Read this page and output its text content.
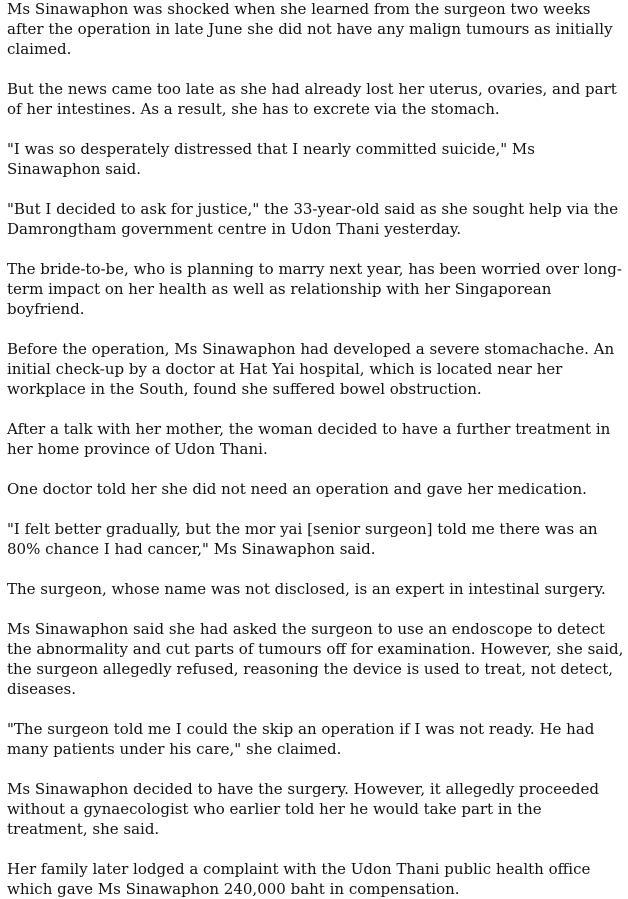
Ms Sinawaphon was shocked when she learned from the surgeon two weeks after the operation in late June she did not have any malign tumours as initially claimed.

But the news came too late as she had already lost her uterus, ovaries, and part of her intestines. As a result, she has to excrete via the stomach.

"I was so desperately distressed that I nearly committed suicide," Ms Sinawaphon said.

"But I decided to ask for justice," the 33-year-old said as she sought help via the Damrongtham government centre in Udon Thani yesterday.

The bride-to-be, who is planning to marry next year, has been worried over long-term impact on her health as well as relationship with her Singaporean boyfriend.

Before the operation, Ms Sinawaphon had developed a severe stomachache. An initial check-up by a doctor at Hat Yai hospital, which is located near her workplace in the South, found she suffered bowel obstruction.

After a talk with her mother, the woman decided to have a further treatment in her home province of Udon Thani.

One doctor told her she did not need an operation and gave her medication.

"I felt better gradually, but the mor yai [senior surgeon] told me there was an 80% chance I had cancer," Ms Sinawaphon said.

The surgeon, whose name was not disclosed, is an expert in intestinal surgery.

Ms Sinawaphon said she had asked the surgeon to use an endoscope to detect the abnormality and cut parts of tumours off for examination. However, she said, the surgeon allegedly refused, reasoning the device is used to treat, not detect, diseases.

"The surgeon told me I could the skip an operation if I was not ready. He had many patients under his care," she claimed.

Ms Sinawaphon decided to have the surgery. However, it allegedly proceeded without a gynaecologist who earlier told her he would take part in the treatment, she said.

Her family later lodged a complaint with the Udon Thani public health office which gave Ms Sinawaphon 240,000 baht in compensation.
